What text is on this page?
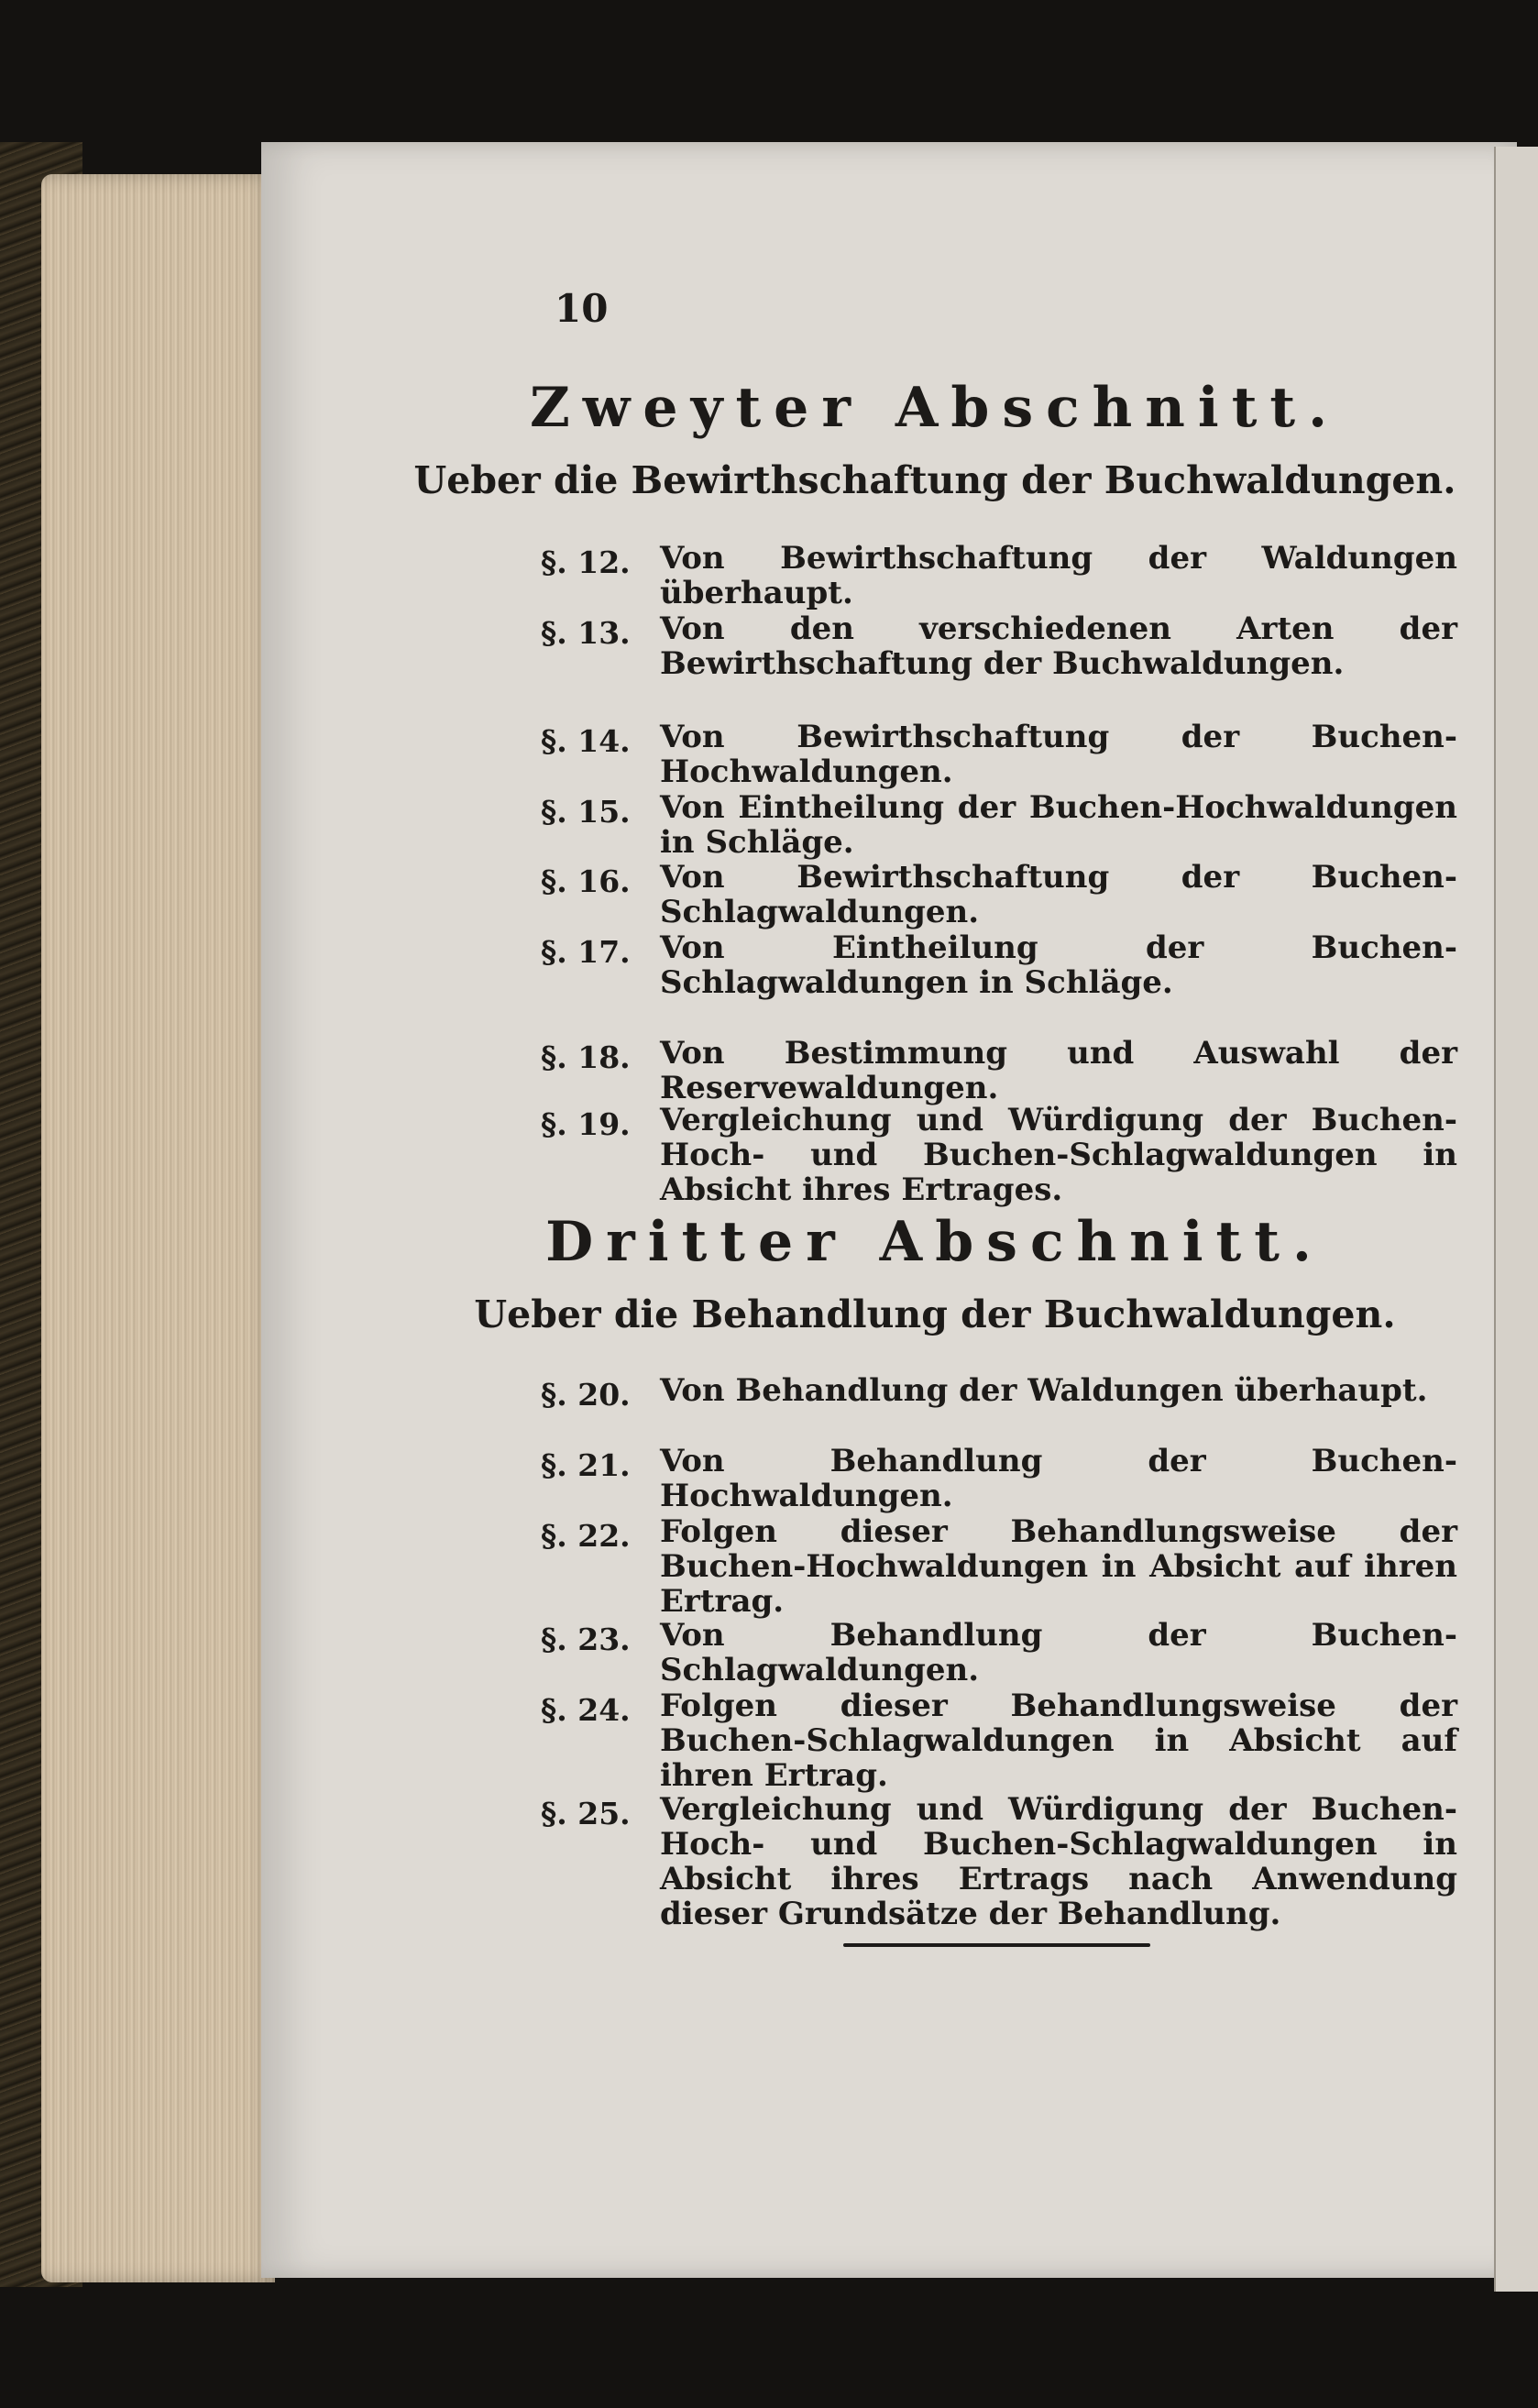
10
Zweyter Abschnitt.
Ueber die Bewirthschaftung der Buchwaldungen.
§. 12. Von Bewirthschaftung der Waldungen überhaupt.
§. 13. Von den verschiedenen Arten der Bewirthschaftung der Buchwaldungen.
§. 14. Von Bewirthschaftung der Buchen-Hochwaldungen.
§. 15. Von Eintheilung der Buchen-Hochwaldungen in Schläge.
§. 16. Von Bewirthschaftung der Buchen-Schlagwaldungen.
§. 17. Von Eintheilung der Buchen-Schlagwaldungen in Schläge.
§. 18. Von Bestimmung und Auswahl der Reservewaldungen.
§. 19. Vergleichung und Würdigung der Buchen-Hoch- und Buchen-Schlagwaldungen in Absicht ihres Ertrages.
Dritter Abschnitt.
Ueber die Behandlung der Buchwaldungen.
§. 20. Von Behandlung der Waldungen überhaupt.
§. 21. Von Behandlung der Buchen-Hochwaldungen.
§. 22. Folgen dieser Behandlungsweise der Buchen-Hochwaldungen in Absicht auf ihren Ertrag.
§. 23. Von Behandlung der Buchen-Schlagwaldungen.
§. 24. Folgen dieser Behandlungsweise der Buchen-Schlagwaldungen in Absicht auf ihren Ertrag.
§. 25. Vergleichung und Würdigung der Buchen-Hoch- und Buchen-Schlagwaldungen in Absicht ihres Ertrags nach Anwendung dieser Grundsätze der Behandlung.
